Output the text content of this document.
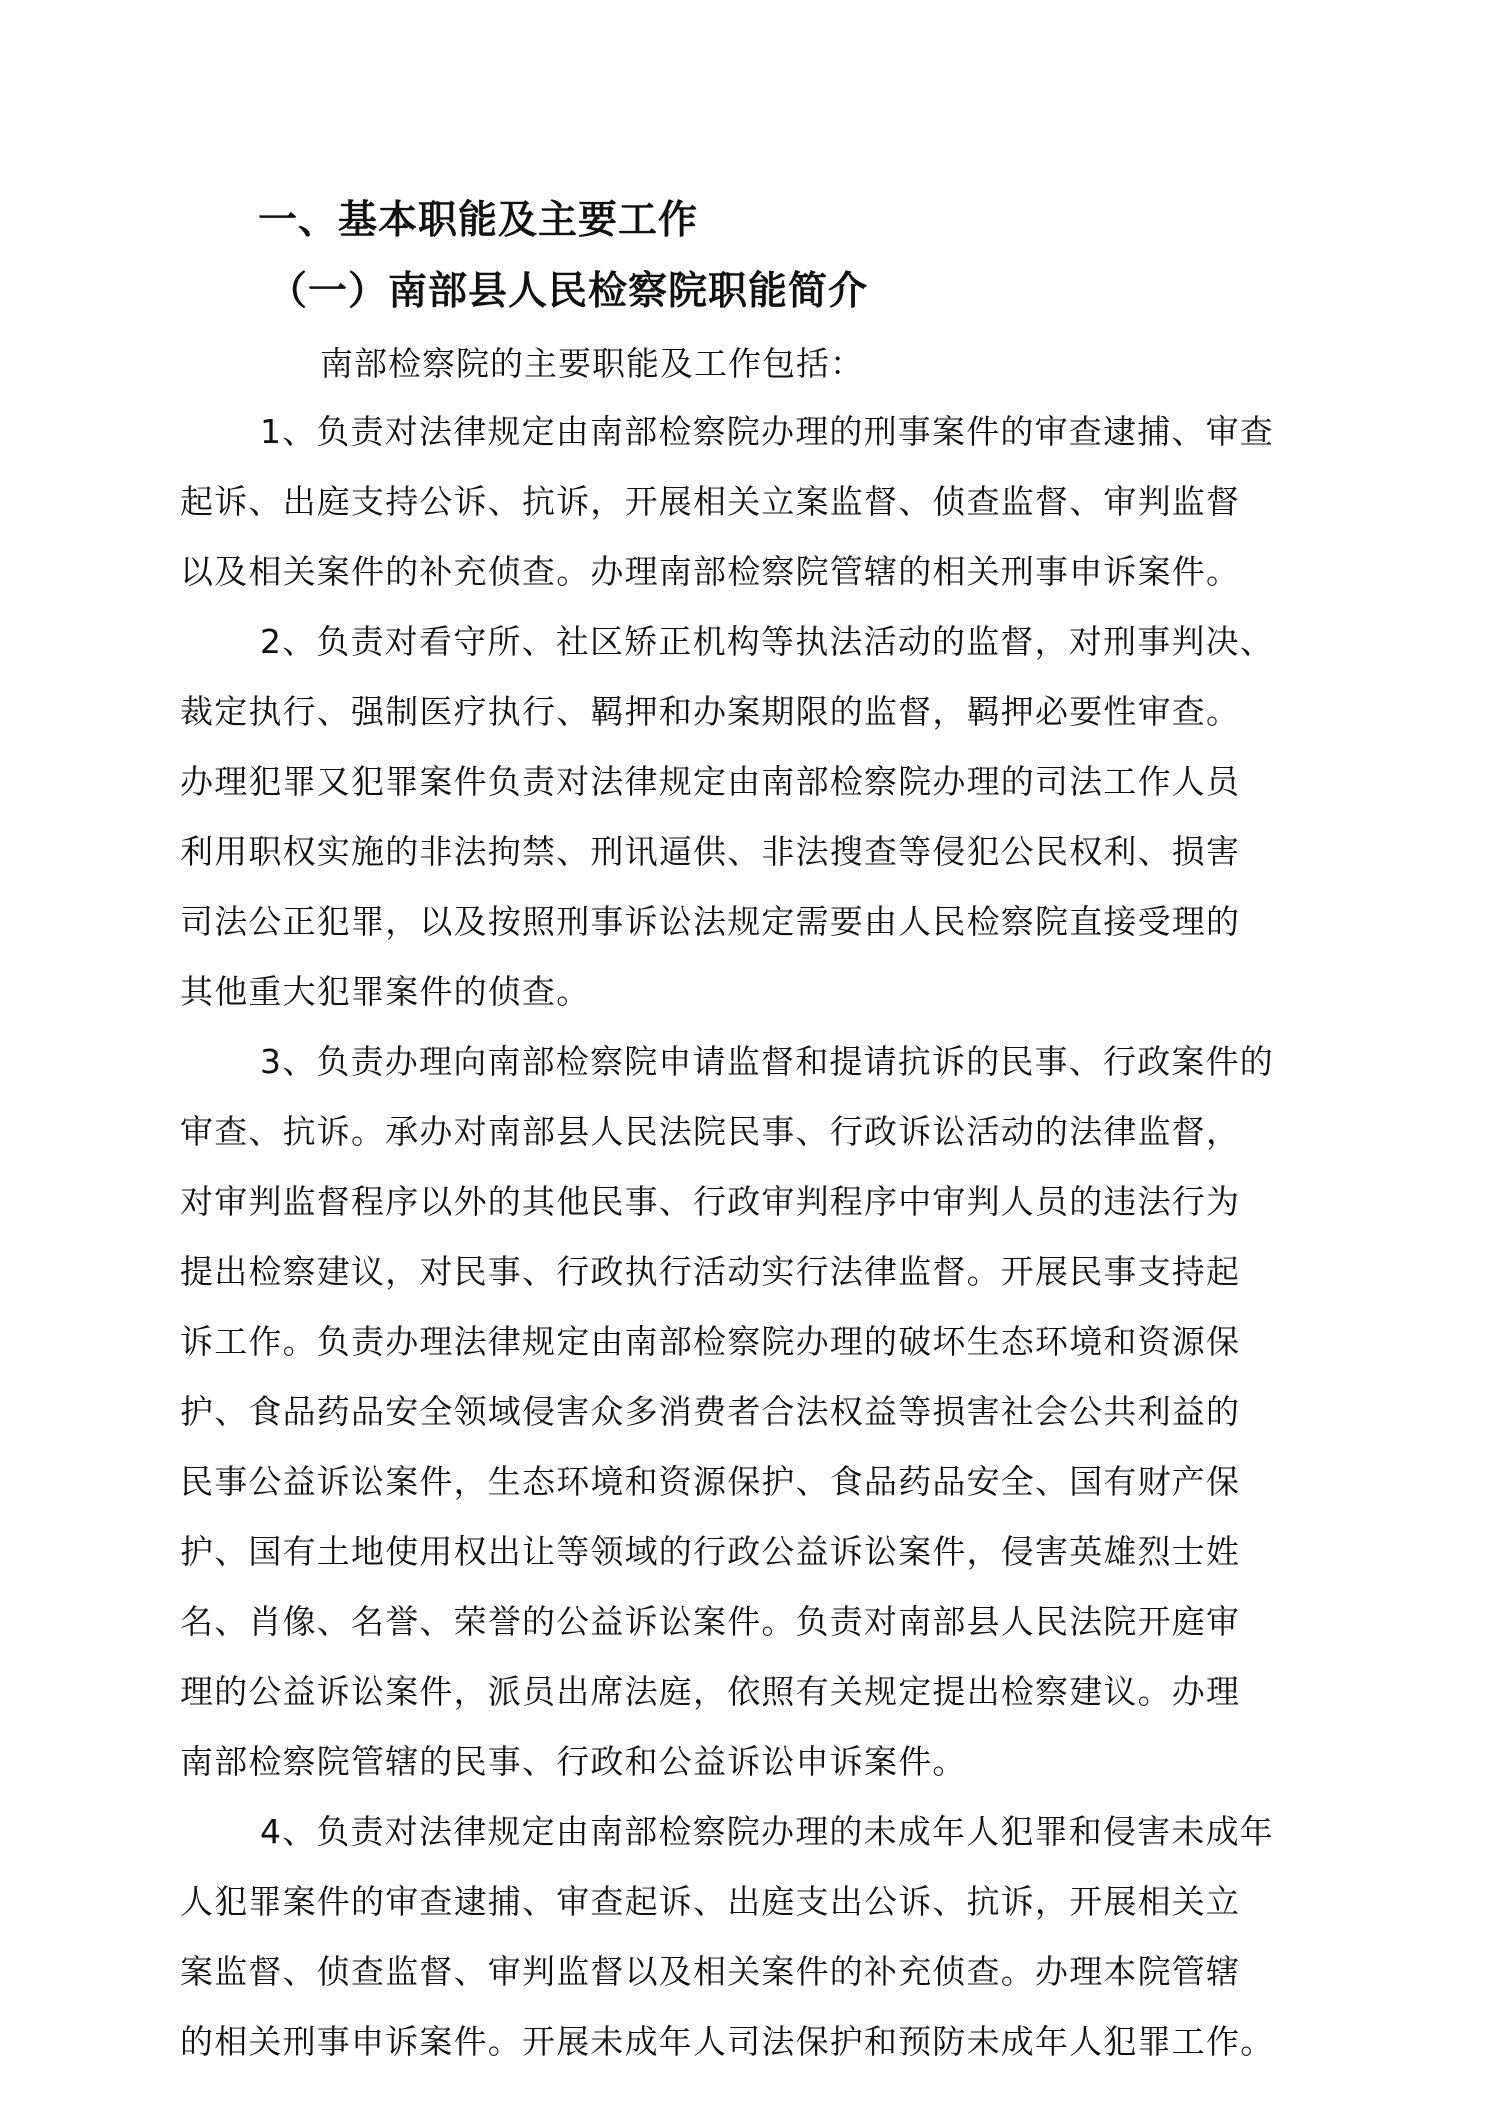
一、基本职能及主要工作
（一）南部县人民检察院职能简介
南部检察院的主要职能及工作包括：
1、负责对法律规定由南部检察院办理的刑事案件的审查逮捕、审查
起诉、出庭支持公诉、抗诉，开展相关立案监督、侦查监督、审判监督
以及相关案件的补充侦查。办理南部检察院管辖的相关刑事申诉案件。
2、负责对看守所、社区矫正机构等执法活动的监督，对刑事判决、
裁定执行、强制医疗执行、羁押和办案期限的监督，羁押必要性审查。
办理犯罪又犯罪案件负责对法律规定由南部检察院办理的司法工作人员
利用职权实施的非法拘禁、刑讯逼供、非法搜查等侵犯公民权利、损害
司法公正犯罪，以及按照刑事诉讼法规定需要由人民检察院直接受理的
其他重大犯罪案件的侦查。
3、负责办理向南部检察院申请监督和提请抗诉的民事、行政案件的
审查、抗诉。承办对南部县人民法院民事、行政诉讼活动的法律监督，
对审判监督程序以外的其他民事、行政审判程序中审判人员的违法行为
提出检察建议，对民事、行政执行活动实行法律监督。开展民事支持起
诉工作。负责办理法律规定由南部检察院办理的破坏生态环境和资源保
护、食品药品安全领域侵害众多消费者合法权益等损害社会公共利益的
民事公益诉讼案件，生态环境和资源保护、食品药品安全、国有财产保
护、国有土地使用权出让等领域的行政公益诉讼案件，侵害英雄烈士姓
名、肖像、名誉、荣誉的公益诉讼案件。负责对南部县人民法院开庭审
理的公益诉讼案件，派员出席法庭，依照有关规定提出检察建议。办理
南部检察院管辖的民事、行政和公益诉讼申诉案件。
4、负责对法律规定由南部检察院办理的未成年人犯罪和侵害未成年
人犯罪案件的审查逮捕、审查起诉、出庭支出公诉、抗诉，开展相关立
案监督、侦查监督、审判监督以及相关案件的补充侦查。办理本院管辖
的相关刑事申诉案件。开展未成年人司法保护和预防未成年人犯罪工作。
